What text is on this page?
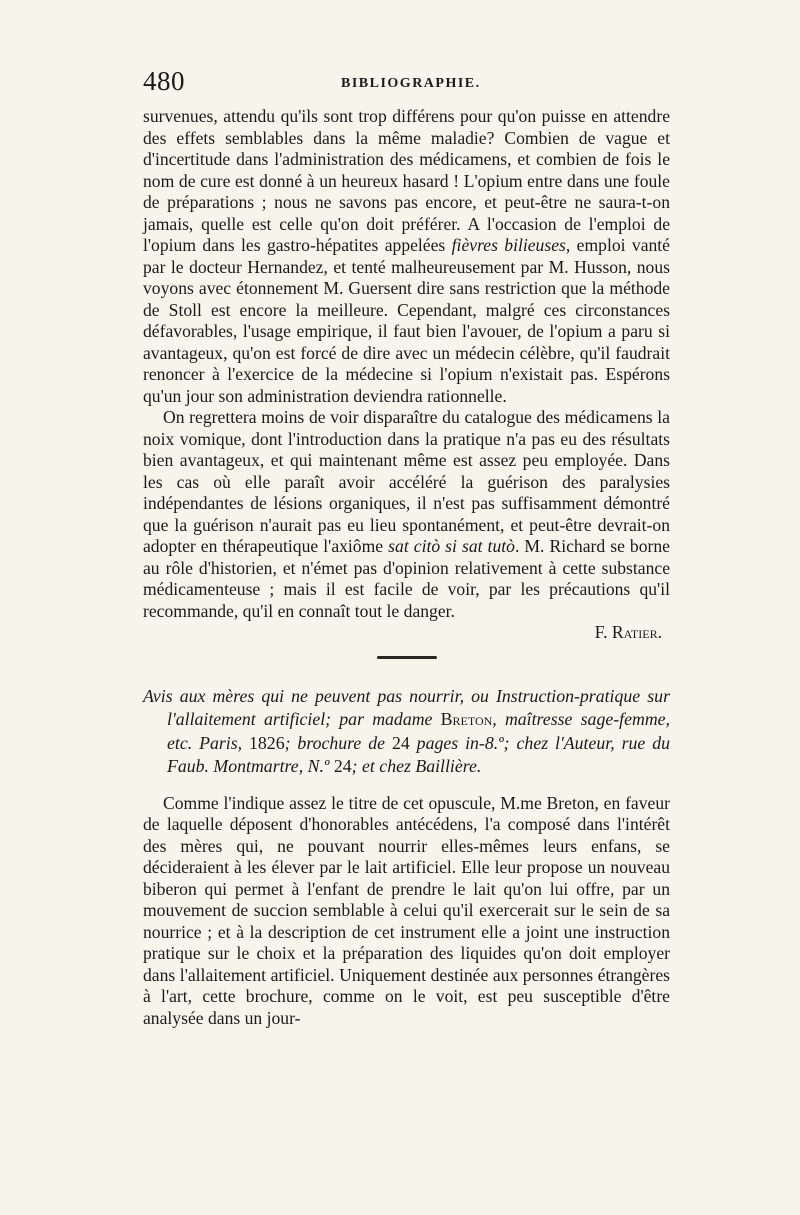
480	BIBLIOGRAPHIE.

survenues, attendu qu'ils sont trop différens pour qu'on puisse en attendre des effets semblables dans la même maladie? Combien de vague et d'incertitude dans l'administration des médicamens, et combien de fois le nom de cure est donné à un heureux hasard ! L'opium entre dans une foule de préparations ; nous ne savons pas encore, et peut-être ne saura-t-on jamais, quelle est celle qu'on doit préférer. A l'occasion de l'emploi de l'opium dans les gastro-hépatites appelées fièvres bilieuses, emploi vanté par le docteur Hernandez, et tenté malheureusement par M. Husson, nous voyons avec étonnement M. Guersent dire sans restriction que la méthode de Stoll est encore la meilleure. Cependant, malgré ces circonstances défavorables, l'usage empirique, il faut bien l'avouer, de l'opium a paru si avantageux, qu'on est forcé de dire avec un médecin célèbre, qu'il faudrait renoncer à l'exercice de la médecine si l'opium n'existait pas. Espérons qu'un jour son administration deviendra rationnelle.

On regrettera moins de voir disparaître du catalogue des médicamens la noix vomique, dont l'introduction dans la pratique n'a pas eu des résultats bien avantageux, et qui maintenant même est assez peu employée. Dans les cas où elle paraît avoir accéléré la guérison des paralysies indépendantes de lésions organiques, il n'est pas suffisamment démontré que la guérison n'aurait pas eu lieu spontanément, et peut-être devrait-on adopter en thérapeutique l'axiôme sat citò si sat tutò. M. Richard se borne au rôle d'historien, et n'émet pas d'opinion relativement à cette substance médicamenteuse ; mais il est facile de voir, par les précautions qu'il recommande, qu'il en connaît tout le danger.

F. Ratier.

Avis aux mères qui ne peuvent pas nourrir, ou Instruction-pratique sur l'allaitement artificiel; par madame Breton, maîtresse sage-femme, etc. Paris, 1826; brochure de 24 pages in-8.º; chez l'Auteur, rue du Faub. Montmartre, N.º 24; et chez Baillière.

Comme l'indique assez le titre de cet opuscule, M.me Breton, en faveur de laquelle déposent d'honorables antécédens, l'a composé dans l'intérêt des mères qui, ne pouvant nourrir elles-mêmes leurs enfans, se décideraient à les élever par le lait artificiel. Elle leur propose un nouveau biberon qui permet à l'enfant de prendre le lait qu'on lui offre, par un mouvement de succion semblable à celui qu'il exercerait sur le sein de sa nourrice ; et à la description de cet instrument elle a joint une instruction pratique sur le choix et la préparation des liquides qu'on doit employer dans l'allaitement artificiel. Uniquement destinée aux personnes étrangères à l'art, cette brochure, comme on le voit, est peu susceptible d'être analysée dans un jour-
